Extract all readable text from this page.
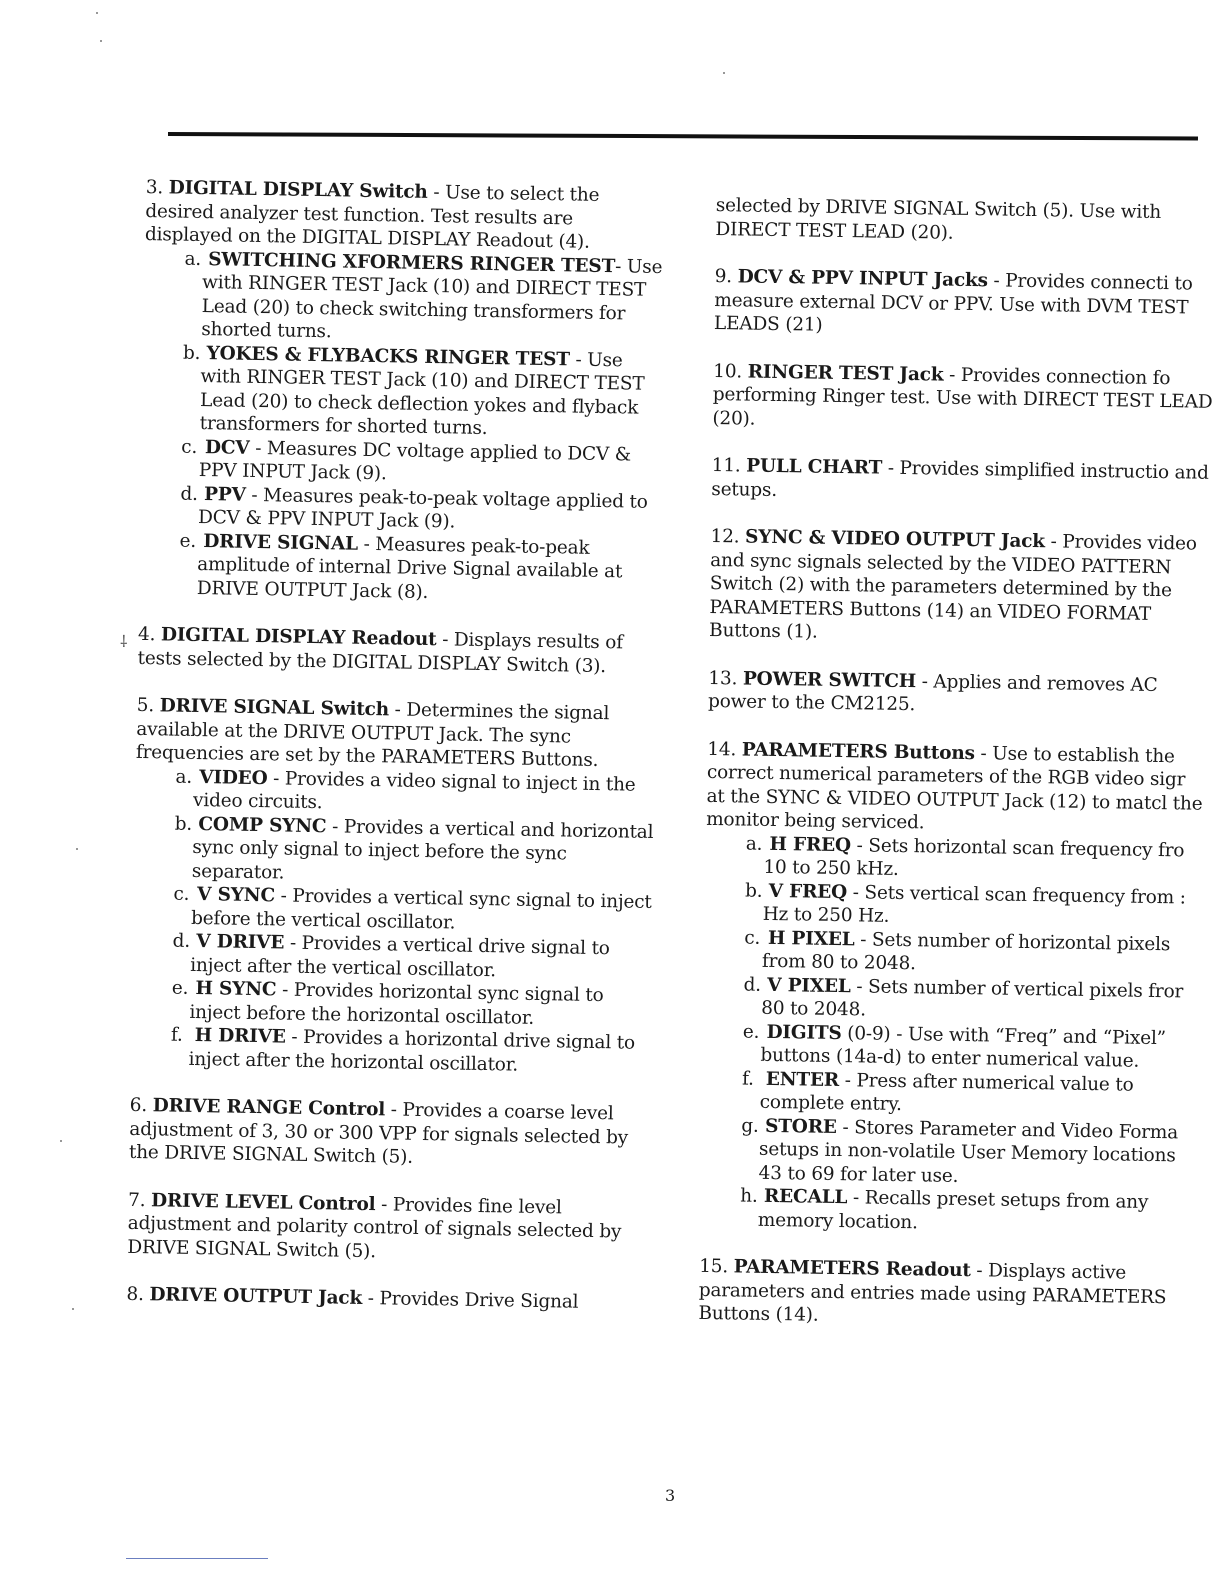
3. DIGITAL DISPLAY Switch - Use to select the desired analyzer test function. Test results are displayed on the DIGITAL DISPLAY Readout (4).
a. SWITCHING XFORMERS RINGER TEST- Use with RINGER TEST Jack (10) and DIRECT TEST Lead (20) to check switching transformers for shorted turns.
b. YOKES & FLYBACKS RINGER TEST - Use with RINGER TEST Jack (10) and DIRECT TEST Lead (20) to check deflection yokes and flyback transformers for shorted turns.
c. DCV - Measures DC voltage applied to DCV & PPV INPUT Jack (9).
d. PPV - Measures peak-to-peak voltage applied to DCV & PPV INPUT Jack (9).
e. DRIVE SIGNAL - Measures peak-to-peak amplitude of internal Drive Signal available at DRIVE OUTPUT Jack (8).
4. DIGITAL DISPLAY Readout - Displays results of tests selected by the DIGITAL DISPLAY Switch (3).
5. DRIVE SIGNAL Switch - Determines the signal available at the DRIVE OUTPUT Jack. The sync frequencies are set by the PARAMETERS Buttons.
a. VIDEO - Provides a video signal to inject in the video circuits.
b. COMP SYNC - Provides a vertical and horizontal sync only signal to inject before the sync separator.
c. V SYNC - Provides a vertical sync signal to inject before the vertical oscillator.
d. V DRIVE - Provides a vertical drive signal to inject after the vertical oscillator.
e. H SYNC - Provides horizontal sync signal to inject before the horizontal oscillator.
f. H DRIVE - Provides a horizontal drive signal to inject after the horizontal oscillator.
6. DRIVE RANGE Control - Provides a coarse level adjustment of 3, 30 or 300 VPP for signals selected by the DRIVE SIGNAL Switch (5).
7. DRIVE LEVEL Control - Provides fine level adjustment and polarity control of signals selected by DRIVE SIGNAL Switch (5).
8. DRIVE OUTPUT Jack - Provides Drive Signal
selected by DRIVE SIGNAL Switch (5). Use with DIRECT TEST LEAD (20).
9. DCV & PPV INPUT Jacks - Provides connecti to measure external DCV or PPV. Use with DVM TEST LEADS (21)
10. RINGER TEST Jack - Provides connection fo performing Ringer test. Use with DIRECT TEST LEAD (20).
11. PULL CHART - Provides simplified instructio and setups.
12. SYNC & VIDEO OUTPUT Jack - Provides video and sync signals selected by the VIDEO PATTERN Switch (2) with the parameters determined by the PARAMETERS Buttons (14) an VIDEO FORMAT Buttons (1).
13. POWER SWITCH - Applies and removes AC power to the CM2125.
14. PARAMETERS Buttons - Use to establish the correct numerical parameters of the RGB video sigr at the SYNC & VIDEO OUTPUT Jack (12) to matcl the monitor being serviced.
a. H FREQ - Sets horizontal scan frequency fro 10 to 250 kHz.
b. V FREQ - Sets vertical scan frequency from : Hz to 250 Hz.
c. H PIXEL - Sets number of horizontal pixels from 80 to 2048.
d. V PIXEL - Sets number of vertical pixels fror 80 to 2048.
e. DIGITS (0-9) - Use with “Freq” and “Pixel” buttons (14a-d) to enter numerical value.
f. ENTER - Press after numerical value to complete entry.
g. STORE - Stores Parameter and Video Forma setups in non-volatile User Memory locations 43 to 69 for later use.
h. RECALL - Recalls preset setups from any memory location.
15. PARAMETERS Readout - Displays active parameters and entries made using PARAMETERS Buttons (14).
⸸
3
